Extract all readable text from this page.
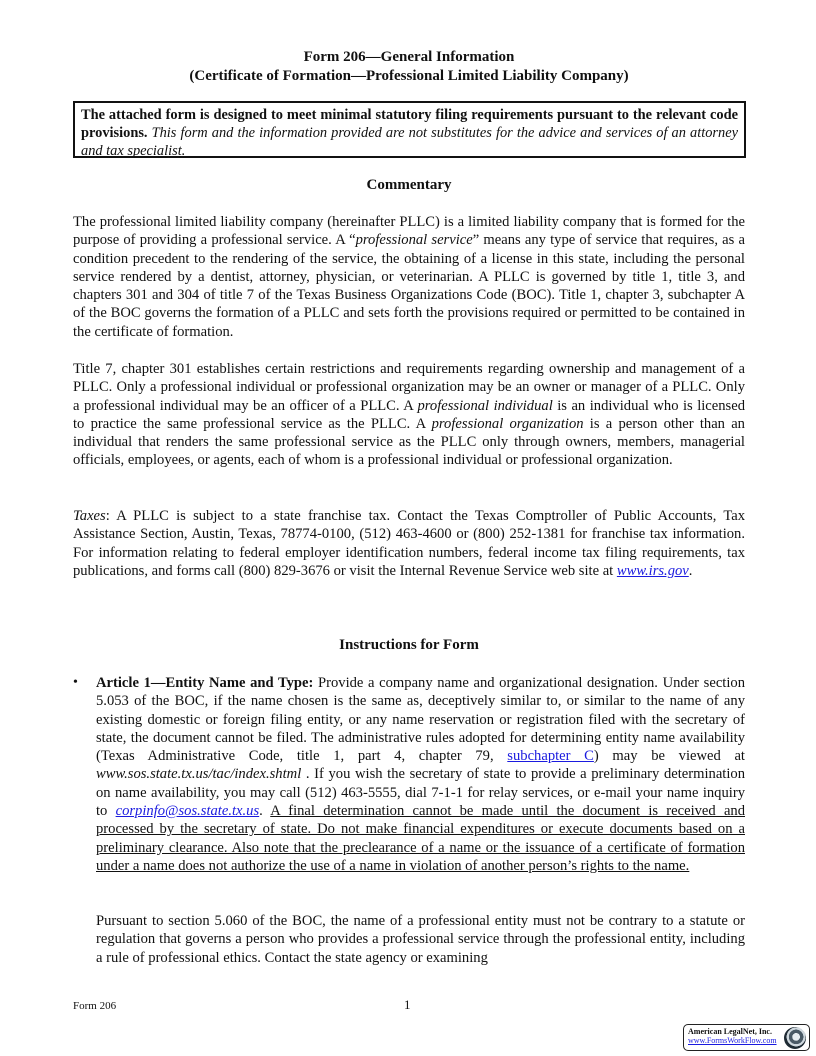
Form 206—General Information
(Certificate of Formation—Professional Limited Liability Company)
The attached form is designed to meet minimal statutory filing requirements pursuant to the relevant code provisions. This form and the information provided are not substitutes for the advice and services of an attorney and tax specialist.
Commentary
The professional limited liability company (hereinafter PLLC) is a limited liability company that is formed for the purpose of providing a professional service. A “professional service” means any type of service that requires, as a condition precedent to the rendering of the service, the obtaining of a license in this state, including the personal service rendered by a dentist, attorney, physician, or veterinarian. A PLLC is governed by title 1, title 3, and chapters 301 and 304 of title 7 of the Texas Business Organizations Code (BOC). Title 1, chapter 3, subchapter A of the BOC governs the formation of a PLLC and sets forth the provisions required or permitted to be contained in the certificate of formation.
Title 7, chapter 301 establishes certain restrictions and requirements regarding ownership and management of a PLLC. Only a professional individual or professional organization may be an owner or manager of a PLLC. Only a professional individual may be an officer of a PLLC. A professional individual is an individual who is licensed to practice the same professional service as the PLLC. A professional organization is a person other than an individual that renders the same professional service as the PLLC only through owners, members, managerial officials, employees, or agents, each of whom is a professional individual or professional organization.
Taxes: A PLLC is subject to a state franchise tax. Contact the Texas Comptroller of Public Accounts, Tax Assistance Section, Austin, Texas, 78774-0100, (512) 463-4600 or (800) 252-1381 for franchise tax information. For information relating to federal employer identification numbers, federal income tax filing requirements, tax publications, and forms call (800) 829-3676 or visit the Internal Revenue Service web site at www.irs.gov.
Instructions for Form
• Article 1—Entity Name and Type: Provide a company name and organizational designation. Under section 5.053 of the BOC, if the name chosen is the same as, deceptively similar to, or similar to the name of any existing domestic or foreign filing entity, or any name reservation or registration filed with the secretary of state, the document cannot be filed. The administrative rules adopted for determining entity name availability (Texas Administrative Code, title 1, part 4, chapter 79, subchapter C) may be viewed at www.sos.state.tx.us/tac/index.shtml . If you wish the secretary of state to provide a preliminary determination on name availability, you may call (512) 463-5555, dial 7-1-1 for relay services, or e-mail your name inquiry to corpinfo@sos.state.tx.us. A final determination cannot be made until the document is received and processed by the secretary of state. Do not make financial expenditures or execute documents based on a preliminary clearance. Also note that the preclearance of a name or the issuance of a certificate of formation under a name does not authorize the use of a name in violation of another person’s rights to the name.
Pursuant to section 5.060 of the BOC, the name of a professional entity must not be contrary to a statute or regulation that governs a person who provides a professional service through the professional entity, including a rule of professional ethics. Contact the state agency or examining
Form 206	1
American LegalNet, Inc.
www.FormsWorkFlow.com
